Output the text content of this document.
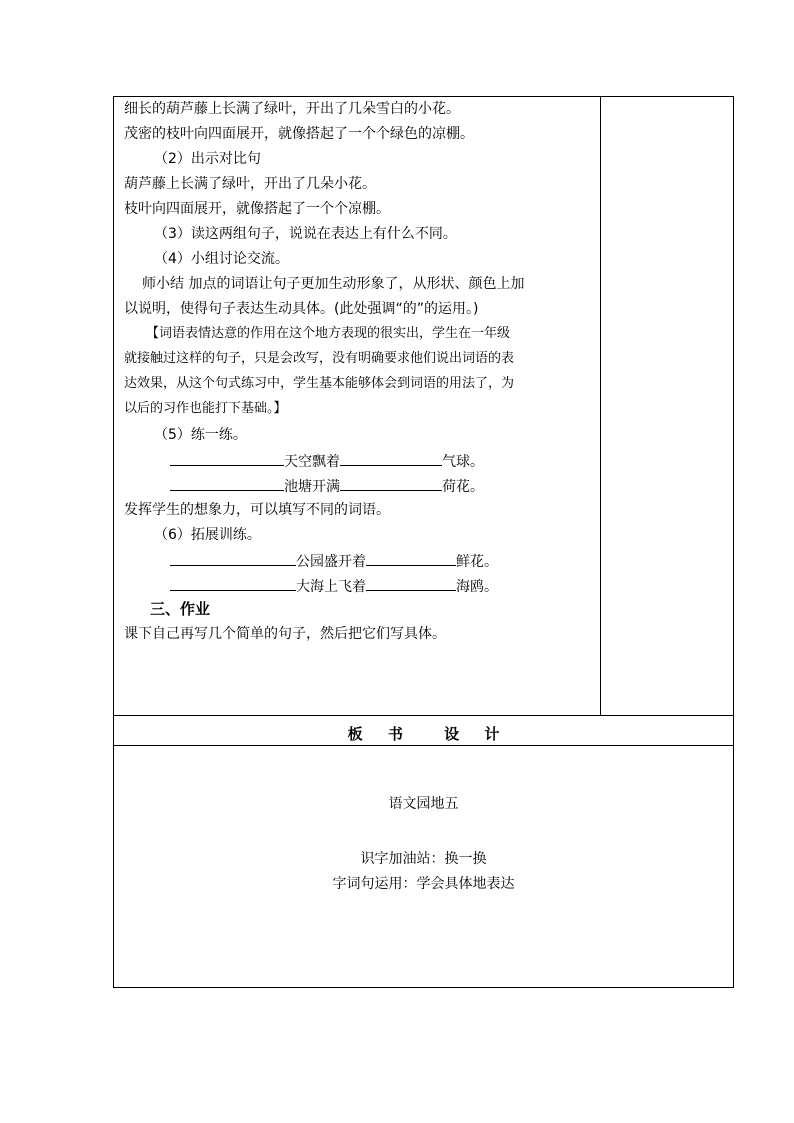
细长的葫芦藤上长满了绿叶，开出了几朵雪白的小花。
茂密的枝叶向四面展开，就像搭起了一个个绿色的凉棚。
（2）出示对比句
葫芦藤上长满了绿叶，开出了几朵小花。
枝叶向四面展开，就像搭起了一个个凉棚。
（3）读这两组句子，说说在表达上有什么不同。
（4）小组讨论交流。
师小结 加点的词语让句子更加生动形象了，从形状、颜色上加
以说明，使得句子表达生动具体。(此处强调“的”的运用。)
【词语表情达意的作用在这个地方表现的很实出，学生在一年级
就接触过这样的句子，只是会改写，没有明确要求他们说出词语的表
达效果，从这个句式练习中，学生基本能够体会到词语的用法了，为
以后的习作也能打下基础。】
（5）练一练。
天空飘着	气球。
池塘开满	荷花。
发挥学生的想象力，可以填写不同的词语。
（6）拓展训练。
公园盛开着	鲜花。
大海上飞着	海鸥。
三、作业
课下自己再写几个简单的句子，然后把它们写具体。
板 书	设 计
语文园地五
识字加油站：换一换
字词句运用：学会具体地表达
